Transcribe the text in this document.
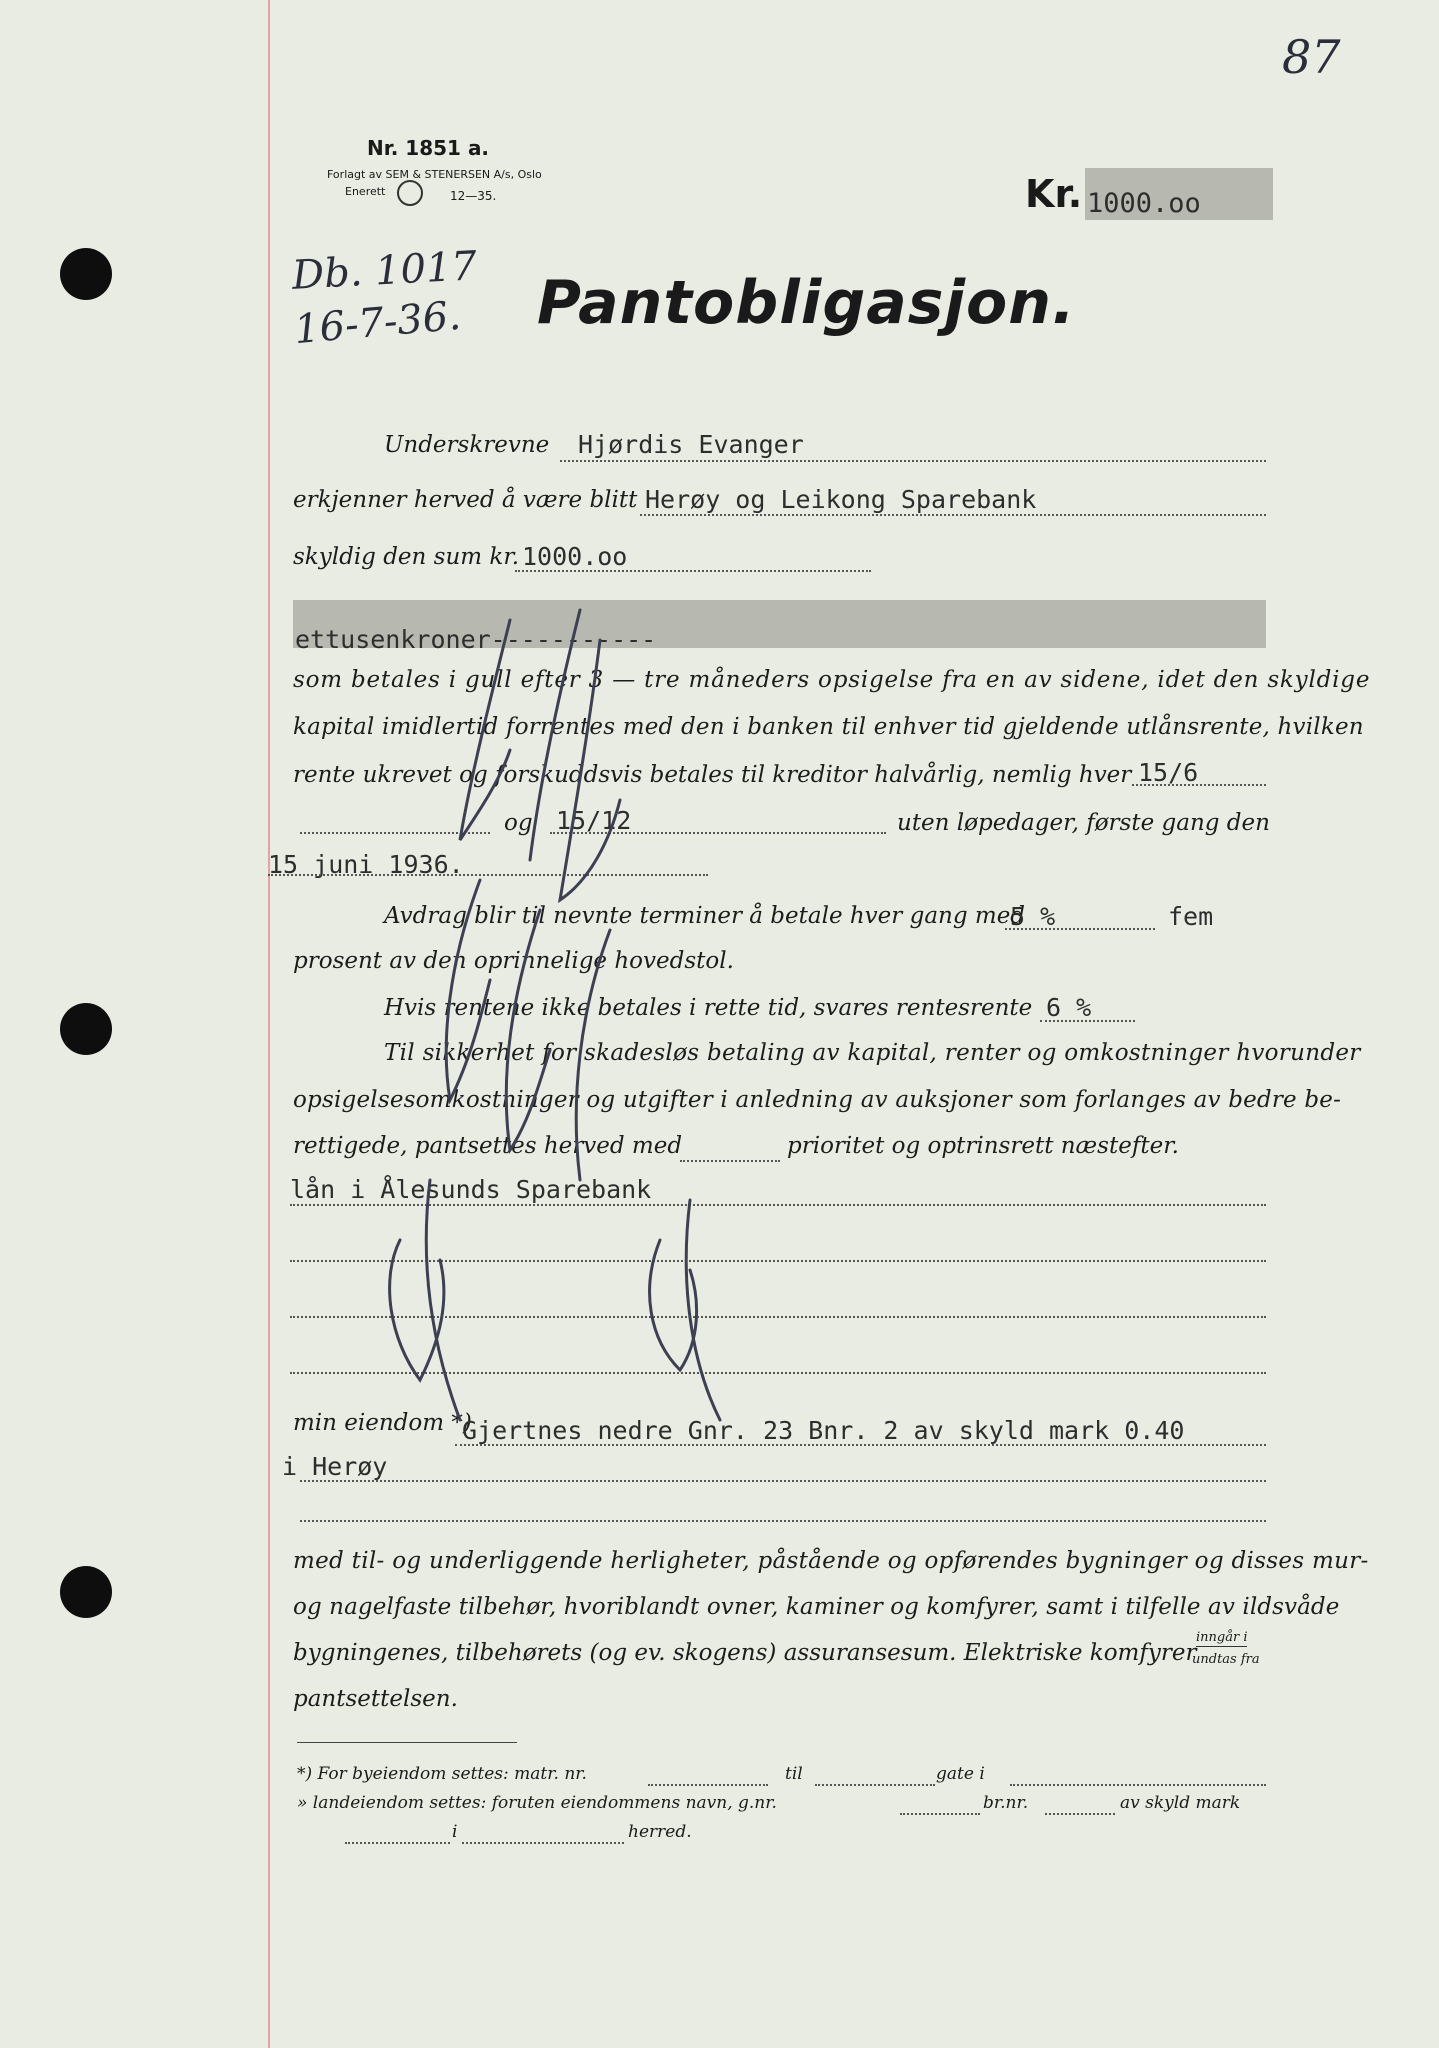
87
Nr. 1851 a.
Forlagt av SEM & STENERSEN A/s, Oslo
Enerett	12—35.	Kr. 1000.oo
Db. 1017
16-7-36. Pantobligasjon.
Underskrevne Hjørdis Evanger
erkjenner herved å være blitt Herøy og Leikong Sparebank
skyldig den sum kr. 1000.oo
ettusenkroner-----------
som betales i gull efter 3 — tre måneders opsigelse fra en av sidene, idet den skyldige
kapital imidlertid forrentes med den i banken til enhver tid gjeldende utlånsrente, hvilken
rente ukrevet og forskuddsvis betales til kreditor halvårlig, nemlig hver 15/6
og 15/12	uten løpedager, første gang den
15 juni 1936.
Avdrag blir til nevnte terminer å betale hver gang med
5 %	fem
prosent av den oprinnelige hovedstol.
Hvis rentene ikke betales i rette tid, svares rentesrente 6 %
Til sikkerhet for skadesløs betaling av kapital, renter og omkostninger hvorunder
opsigelsesomkostninger og utgifter i anledning av auksjoner som forlanges av bedre be-
rettigede, pantsettes herved med	prioritet og optrinsrett næstefter.
lån i Ålesunds Sparebank
min eiendom *)
Gjertnes nedre Gnr. 23 Bnr. 2 av skyld mark 0.40
i Herøy
med til- og underliggende herligheter, påstående og opførendes bygninger og disses mur-
og nagelfaste tilbehør, hvoriblandt ovner, kaminer og komfyrer, samt i tilfelle av ildsvåde
bygningenes, tilbehørets (og ev. skogens) assuransesum. Elektriske komfyrer
inngår i
undtas fra
pantsettelsen.
*) For byeiendom settes: matr. nr.	til	gate i
» landeiendom settes: foruten eiendommens navn, g.nr.	br.nr.	av skyld mark
i	herred.
